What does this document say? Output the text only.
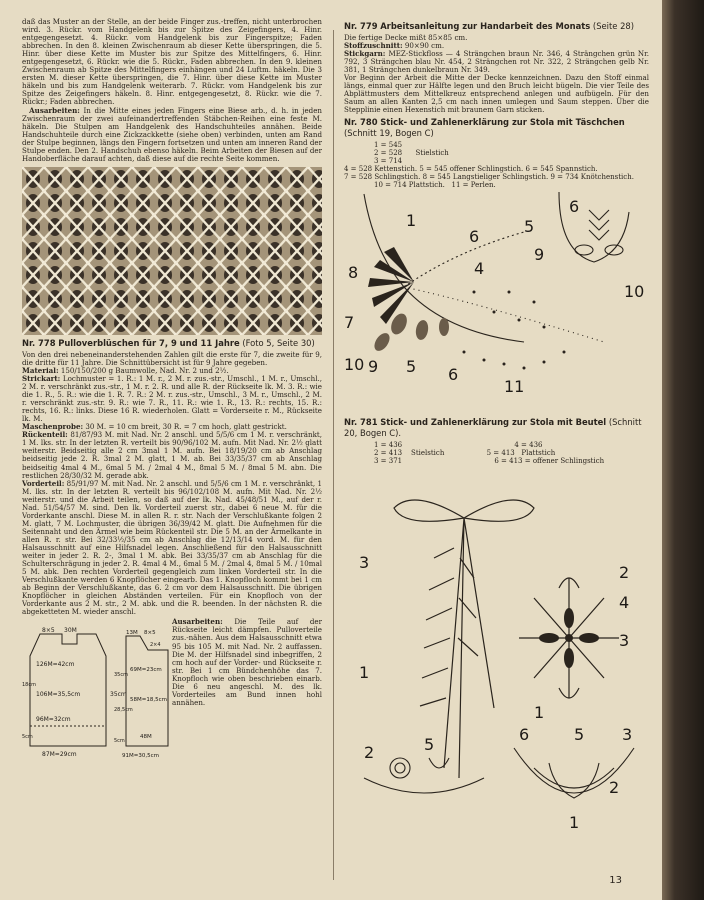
daß das Muster an der Stelle, an der beide Finger zus.-treffen, nicht unterbrochen wird. 3. Rückr. vom Handgelenk bis zur Spitze des Zeigefingers, 4. Hinr. entgegengesetzt. 4. Rückr. vom Handgelenk bis zur Fingerspitze; Faden abbrechen. In den 8. kleinen Zwischenraum ab dieser Kette überspringen, die 5. Hinr. über diese Kette im Muster bis zur Spitze des Mittelfingers, 6. Hinr. entgegengesetzt, 6. Rückr. wie die 5. Rückr., Faden abbrechen. In den 9. kleinen Zwischenraum ab Spitze des Mittelfingers einhängen und 24 Luftm. häkeln. Die 3 ersten M. dieser Kette überspringen, die 7. Hinr. über diese Kette im Muster häkeln und bis zum Handgelenk weiterarb. 7. Rückr. vom Handgelenk bis zur Spitze des Zeigefingers häkeln. 8. Hinr. entgegengesetzt, 8. Rückr. wie die 7. Rückr.; Faden abbrechen.

Ausarbeiten: In die Mitte eines jeden Fingers eine Biese arb., d. h. in jeden Zwischenraum der zwei aufeinandertreffenden Stäbchen-Reihen eine feste M. häkeln. Die Stulpen am Handgelenk des Handschuhteiles annähen. Beide Handschuhteile durch eine Zickzackkette (siehe oben) verbinden, unten am Rand der Stulpe beginnen, längs den Fingern fortsetzen und unten am inneren Rand der Stulpe enden. Den 2. Handschuh ebenso häkeln. Beim Arbeiten der Biesen auf der Handoberfläche darauf achten, daß diese auf die rechte Seite kommen.

Nr. 778 Pulloverblüschen für 7, 9 und 11 Jahre (Foto 5, Seite 30)

Von den drei nebeneinanderstehenden Zahlen gilt die erste für 7, die zweite für 9, die dritte für 11 Jahre. Die Schnittübersicht ist für 9 Jahre gegeben.

Material: 150/150/200 g Baumwolle, Nad. Nr. 2 und 2½.

Strickart: Lochmuster = 1. R.: 1 M. r., 2 M. r. zus.-str., Umschl., 1 M. r., Umschl., 2 M. r. verschränkt zus.-str., 1 M. r. 2. R. und alle R. der Rückseite lk. M. 3. R.: wie die 1. R., 5. R.: wie die 1. R. 7. R.: 2 M. r. zus.-str., Umschl., 3 M. r., Umschl., 2 M. r. verschränkt zus.-str. 9. R.: wie 7. R., 11. R.: wie 1. R., 13. R.: rechts, 15. R.: rechts, 16. R.: links. Diese 16 R. wiederholen. Glatt = Vorderseite r. M., Rückseite lk. M.

Maschenprobe: 30 M. = 10 cm breit, 30 R. = 7 cm hoch, glatt gestrickt.

Rückenteil: 81/87/93 M. mit Nad. Nr. 2 anschl. und 5/5/6 cm 1 M. r. verschränkt, 1 M. lks. str. In der letzten R. verteilt bis 90/96/102 M. aufn. Mit Nad. Nr. 2½ glatt weiterstr. Beidseitig alle 2 cm 3mal 1 M. aufn. Bei 18/19/20 cm ab Anschlag beidseitig jede 2. R. 3mal 2 M. glatt, 1 M. ab. Bei 33/35/37 cm ab Anschlag beidseitig 4mal 4 M., 6mal 5 M. / 2mal 4 M., 8mal 5 M. / 8mal 5 M. abn. Die restlichen 28/30/32 M. gerade abk.

Vorderteil: 85/91/97 M. mit Nad. Nr. 2 anschl. und 5/5/6 cm 1 M. r. verschränkt, 1 M. lks. str. In der letzten R. verteilt bis 96/102/108 M. aufn. Mit Nad. Nr. 2½ weiterstr. und die Arbeit teilen, so daß auf der lk. Nad. 45/48/51 M., auf der r. Nad. 51/54/57 M. sind. Den lk. Vorderteil zuerst str., dabei 6 neue M. für die Vorderkante anschl. Diese M. in allen R. r. str. Nach der Verschlußkante folgen 2 M. glatt, 7 M. Lochmuster, die übrigen 36/39/42 M. glatt. Die Aufnehmen für die Seitennaht und den Ärmel wie beim Rückenteil str. Die 5 M. an der Ärmelkante in allen R. r. str. Bei 32/33½/35 cm ab Anschlag die 12/13/14 vord. M. für den Halsausschnitt auf eine Hilfsnadel legen. Anschließend für den Halsausschnitt weiter in jeder 2. R. 2-, 3mal 1 M. abk. Bei 33/35/37 cm ab Anschlag für die Schulterschrägung in jeder 2. R. 4mal 4 M., 6mal 5 M. / 2mal 4, 8mal 5 M. / 10mal 5 M. abk. Den rechten Vorderteil gegengleich zum linken Vorderteil str. In die Verschlußkante werden 6 Knopflöcher eingearb. Das 1. Knopfloch kommt bei 1 cm ab Beginn der Verschlußkante, das 6. 2 cm vor dem Halsausschnitt. Die übrigen Knopflöcher in gleichen Abständen verteilen. Für ein Knopfloch von der Vorderkante aus 2 M. str., 2 M. abk. und die R. beenden. In der nächsten R. die abgeketteten M. wieder anschl.

Ausarbeiten: Die Teile auf der Rückseite leicht dämpfen. Pulloverteile zus.-nähen. Aus dem Halsausschnitt etwa 95 bis 105 M. mit Nad. Nr. 2 auffassen. Die M. der Hilfsnadel sind inbegriffen, 2 cm hoch auf der Vorder- und Rückseite r. str. Bei 1 cm Bündchenhöhe das 7. Knopfloch wie oben beschrieben einarb. Die 6 neu angeschl. M. des lk. Vorderteiles am Bund innen hohl annähen.

30M
8×5
126M=42cm
106M=35,5cm
96M=32cm
87M=29cm
35cm
5cm
18cm
13M 8×5
2×4
69M=23cm
58M=18,5cm
48M
91M=30,5cm
35cm
28,5cm
5cm
Nr. 779 Arbeitsanleitung zur Handarbeit des Monats (Seite 28)

Die fertige Decke mißt 85×85 cm.

Stoffzuschnitt: 90×90 cm.

Stickgarn: MEZ-Stickfloss — 4 Strängchen braun Nr. 346, 4 Strängchen grün Nr. 792, 3 Strängchen blau Nr. 454, 2 Strängchen rot Nr. 322, 2 Strängchen gelb Nr. 381, 1 Strängchen dunkelbraun Nr. 349.

Vor Beginn der Arbeit die Mitte der Decke kennzeichnen. Dazu den Stoff einmal längs, einmal quer zur Hälfte legen und den Bruch leicht bügeln. Die vier Teile des Abplättmusters dem Mittelkreuz entsprechend anlegen und aufbügeln. Für den Saum an allen Kanten 2,5 cm nach innen umlegen und Saum steppen. Über die Stepplinie einen Hexenstich mit braunem Garn sticken.

Nr. 780 Stick- und Zahlenerklärung zur Stola mit Täschchen (Schnitt 19, Bogen C)
1 = 545
2 = 528 Stielstich
3 = 714
4 = 528 Kettenstich. 5 = 545 offener Schlingstich. 6 = 545 Spannstich.
7 = 528 Schlingstich. 8 = 545 Langstieliger Schlingstich. 9 = 734 Knötchenstich.
10 = 714 Plattstich. 11 = Perlen.
1	5
6
9
8	4
6
10
7
10 9 5 6
11
Nr. 781 Stick- und Zahlenerklärung zur Stola mit Beutel (Schnitt 20, Bogen C).
1 = 436	4 = 436
2 = 413 Stielstich	5 = 413 Plattstich
3 = 371	6 = 413 = offener Schlingstich
3
1
2
4
3
1
2	5
6	5 3
2
1
13
